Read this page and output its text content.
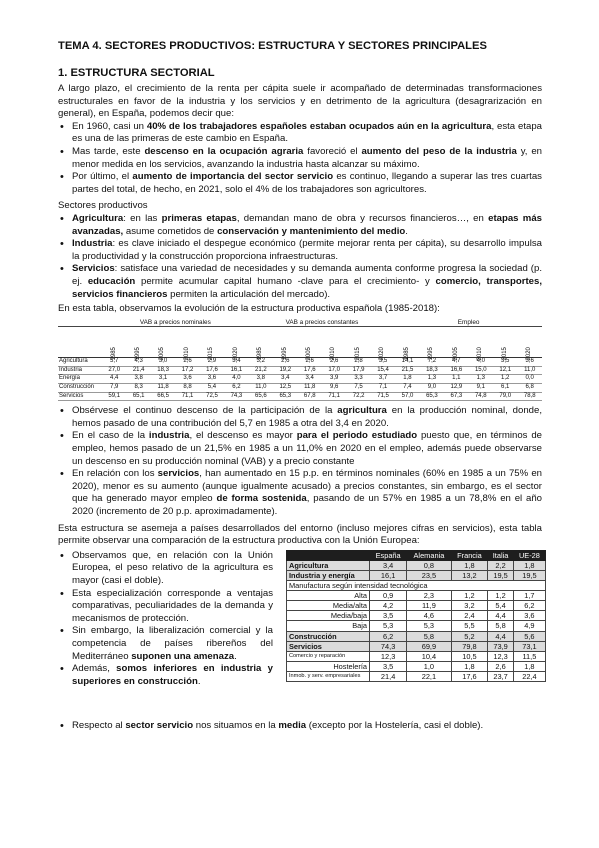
TEMA 4. SECTORES PRODUCTIVOS: ESTRUCTURA Y SECTORES PRINCIPALES
1. ESTRUCTURA SECTORIAL

A largo plazo, el crecimiento de la renta per cápita suele ir acompañado de determinadas transformaciones estructurales en favor de la industria y los servicios y en detrimento de la agricultura (desagrarización en general), en España, podemos decir que:

• En 1960, casi un 40% de los trabajadores españoles estaban ocupados aún en la agricultura, esta etapa es una de las primeras de este cambio en España.
• Mas tarde, este descenso en la ocupación agraria favoreció el aumento del peso de la industria y, en menor medida en los servicios, avanzando la industria hasta alcanzar su máximo.
• Por último, el aumento de importancia del sector servicio es continuo, llegando a superar las tres cuartas partes del total, de hecho, en 2021, solo el 4% de los trabajadores son agricultores.

Sectores productivos

• Agricultura: en las primeras etapas, demandan mano de obra y recursos financieros…, en etapas más avanzadas, asume cometidos de conservación y mantenimiento del medio.
• Industria: es clave iniciado el despegue económico (permite mejorar renta per cápita), su desarrollo impulsa la productividad y la construcción proporciona infraestructuras.
• Servicios: satisface una variedad de necesidades y su demanda aumenta conforme progresa la sociedad (p. ej. educación permite acumular capital humano -clave para el crecimiento- y comercio, transportes, servicios financieros permiten la articulación del mercado).

En esta tabla, observamos la evolución de la estructura productiva española (1985-2018):

	VAB a precios nominales						VAB a precios constantes						Empleo					
	1985	1995	2005	2010	2015	2020	1985	1995	2005	2010	2015	2020	1985	1995	2005	2010	2015	2020
Agricultura	5,7	4,3	3,0	2,6	2,9	3,4	3,2	2,6	2,6	2,6	2,8	3,5	14,1	7,2	4,7	4,0	3,5	3,6
Industria	27,0	21,4	18,3	17,2	17,6	16,1	21,2	19,2	17,6	17,0	17,9	15,4	21,5	18,3	16,6	15,0	12,1	11,0
Energía	4,4	3,8	3,1	3,6	3,6	4,0	3,8	3,4	3,4	3,9	3,3	3,7	1,8	1,3	1,1	1,3	1,2	0,0
Construcción	7,9	8,3	11,8	8,8	5,4	6,2	11,0	12,5	11,8	9,6	7,5	7,1	7,4	9,0	12,9	9,1	6,1	6,8
Servicios	59,1	65,1	66,5	71,1	72,5	74,3	65,6	65,3	67,8	71,1	72,2	71,5	57,0	65,3	67,3	74,8	79,0	78,8
• Obsérvese el continuo descenso de la participación de la agricultura en la producción nominal, donde, hemos pasado de una contribución del 5,7 en 1985 a otra del 3,4 en 2020.
• En el caso de la industria, el descenso es mayor para el periodo estudiado puesto que, en términos de empleo, hemos pasado de un 21,5% en 1985 a un 11,0% en 2020 en el empleo, además puede observarse un descenso en su producción nominal (VAB) y a precio constante
• En relación con los servicios, han aumentado en 15 p.p. en términos nominales (60% en 1985 a un 75% en 2020), menor es su aumento (aunque igualmente acusado) a precios constantes, sin embargo, es el sector que ha generado mayor empleo de forma sostenida, pasando de un 57% en 1985 a un 78,8% en el año 2020 (incremento de 20 p.p. aproximadamente).

Esta estructura se asemeja a países desarrollados del entorno (incluso mejores cifras en servicios), esta tabla permite observar una comparación de la estructura productiva con la Unión Europea:

• Observamos que, en relación con la Unión Europea, el peso relativo de la agricultura es mayor (casi el doble).
• Esta especialización corresponde a ventajas comparativas, peculiaridades de la demanda y mecanismos de protección.
• Sin embargo, la liberalización comercial y la competencia de países ribereños del Mediterráneo suponen una amenaza.
• Además, somos inferiores en industria y superiores en construcción.
	España	Alemania	Francia	Italia	UE-28
Agricultura	3,4	0,8	1,8	2,2	1,8
Industria y energía	16,1	23,5	13,2	19,5	19,5
Manufactura según intensidad tecnológica					
Alta	0,9	2,3	1,2	1,2	1,7
Media/alta	4,2	11,9	3,2	5,4	6,2
Media/baja	3,5	4,6	2,4	4,4	3,6
Baja	5,3	5,3	5,5	5,8	4,9
Construcción	6,2	5,8	5,2	4,4	5,6
Servicios	74,3	69,9	79,8	73,9	73,1
Comercio y reparación	12,3	10,4	10,5	12,3	11,5
Hostelería	3,5	1,0	1,8	2,6	1,8
Inmob. y serv. empresariales	21,4	22,1	17,6	23,7	22,4
• Respecto al sector servicio nos situamos en la media (excepto por la Hostelería, casi el doble).
